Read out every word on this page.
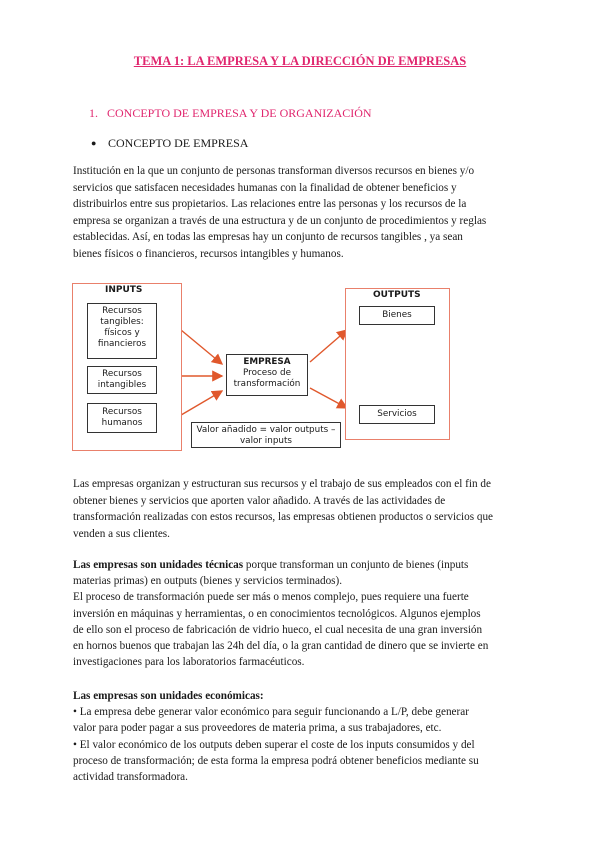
TEMA 1: LA EMPRESA Y LA DIRECCIÓN DE EMPRESAS
1. CONCEPTO DE EMPRESA Y DE ORGANIZACIÓN
● CONCEPTO DE EMPRESA

Institución en la que un conjunto de personas transforman diversos recursos en bienes y/o
servicios que satisfacen necesidades humanas con la finalidad de obtener beneficios y
distribuirlos entre sus propietarios. Las relaciones entre las personas y los recursos de la
empresa se organizan a través de una estructura y de un conjunto de procedimientos y reglas
establecidas. Así, en todas las empresas hay un conjunto de recursos tangibles , ya sean
bienes físicos o financieros, recursos intangibles y humanos.

INPUTS
Recursos tangibles: físicos y financieros
Recursos intangibles
Recursos humanos
EMPRESA
Proceso de transformación
Valor añadido = valor outputs –
valor inputs
OUTPUTS
Bienes
Servicios

Las empresas organizan y estructuran sus recursos y el trabajo de sus empleados con el fin de
obtener bienes y servicios que aporten valor añadido. A través de las actividades de
transformación realizadas con estos recursos, las empresas obtienen productos o servicios que
venden a sus clientes.

Las empresas son unidades técnicas porque transforman un conjunto de bienes (inputs
materias primas) en outputs (bienes y servicios terminados).
El proceso de transformación puede ser más o menos complejo, pues requiere una fuerte
inversión en máquinas y herramientas, o en conocimientos tecnológicos. Algunos ejemplos
de ello son el proceso de fabricación de vidrio hueco, el cual necesita de una gran inversión
en hornos buenos que trabajan las 24h del día, o la gran cantidad de dinero que se invierte en
investigaciones para los laboratorios farmacéuticos.

Las empresas son unidades económicas:
• La empresa debe generar valor económico para seguir funcionando a L/P, debe generar
valor para poder pagar a sus proveedores de materia prima, a sus trabajadores, etc.
• El valor económico de los outputs deben superar el coste de los inputs consumidos y del
proceso de transformación; de esta forma la empresa podrá obtener beneficios mediante su
actividad transformadora.
